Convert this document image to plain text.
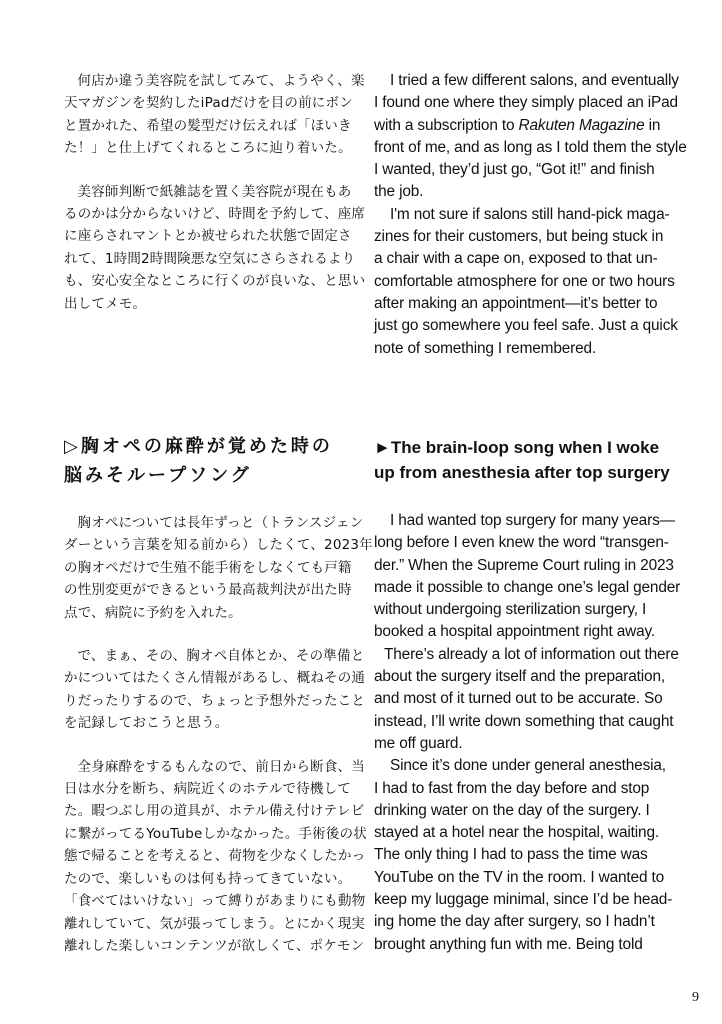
何店か違う美容院を試してみて、ようやく、楽
天マガジンを契約したiPadだけを目の前にボン
と置かれた、希望の髪型だけ伝えれば「ほいき
た！」と仕上げてくれるところに辿り着いた。

美容師判断で紙雑誌を置く美容院が現在もあ
るのかは分からないけど、時間を予約して、座席
に座らされマントとか被せられた状態で固定さ
れて、1時間2時間険悪な空気にさらされるより
も、安心安全なところに行くのが良いな、と思い
出してメモ。

I tried a few different salons, and eventually
I found one where they simply placed an iPad
with a subscription to Rakuten Magazine in
front of me, and as long as I told them the style
I wanted, they’d just go, “Got it!” and finish
the job.

I'm not sure if salons still hand-pick maga-
zines for their customers, but being stuck in
a chair with a cape on, exposed to that un-
comfortable atmosphere for one or two hours
after making an appointment—it’s better to
just go somewhere you feel safe. Just a quick
note of something I remembered.

▷胸オペの麻酔が覚めた時の
脳みそループソング
►The brain-loop song when I woke
up from anesthesia after top surgery

胸オペについては長年ずっと（トランスジェン
ダーという言葉を知る前から）したくて、2023年
の胸オペだけで生殖不能手術をしなくても戸籍
の性別変更ができるという最高裁判決が出た時
点で、病院に予約を入れた。

で、まぁ、その、胸オペ自体とか、その準備と
かについてはたくさん情報があるし、概ねその通
りだったりするので、ちょっと予想外だったこと
を記録しておこうと思う。

全身麻酔をするもんなので、前日から断食、当
日は水分を断ち、病院近くのホテルで待機して
た。暇つぶし用の道具が、ホテル備え付けテレビ
に繋がってるYouTubeしかなかった。手術後の状
態で帰ることを考えると、荷物を少なくしたかっ
たので、楽しいものは何も持ってきていない。
「食べてはいけない」って縛りがあまりにも動物
離れしていて、気が張ってしまう。とにかく現実
離れした楽しいコンテンツが欲しくて、ポケモン

I had wanted top surgery for many years—
long before I even knew the word “transgen-
der.” When the Supreme Court ruling in 2023
made it possible to change one’s legal gender
without undergoing sterilization surgery, I
booked a hospital appointment right away.

There’s already a lot of information out there
about the surgery itself and the preparation,
and most of it turned out to be accurate. So
instead, I’ll write down something that caught
me off guard.

Since it’s done under general anesthesia,
I had to fast from the day before and stop
drinking water on the day of the surgery. I
stayed at a hotel near the hospital, waiting.
The only thing I had to pass the time was
YouTube on the TV in the room. I wanted to
keep my luggage minimal, since I’d be head-
ing home the day after surgery, so I hadn’t
brought anything fun with me. Being told

9
